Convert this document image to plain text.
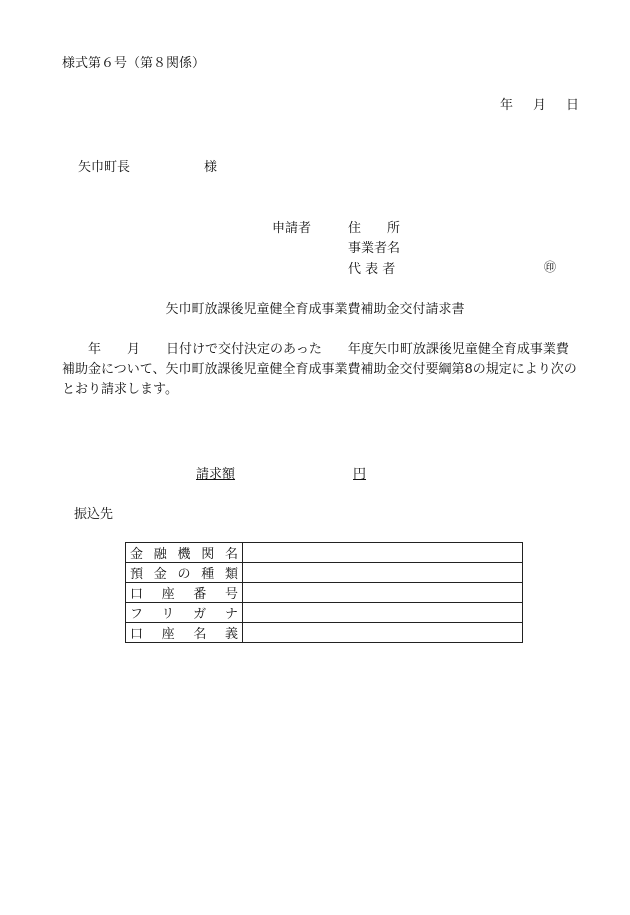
様式第６号（第８関係）
年 月 日
矢巾町長	様
申請者	住　　所
事業者名
代 表 者	㊞
矢巾町放課後児童健全育成事業費補助金交付請求書

　　年　　月　　日付けで交付決定のあった　　年度矢巾町放課後児童健全育成事業費補助金について、矢巾町放課後児童健全育成事業費補助金交付要綱第8の規定により次のとおり請求します。

請求額	円
振込先
金融機関名	
預金の種類	
口座番号	
フリガナ	
口座名義	
